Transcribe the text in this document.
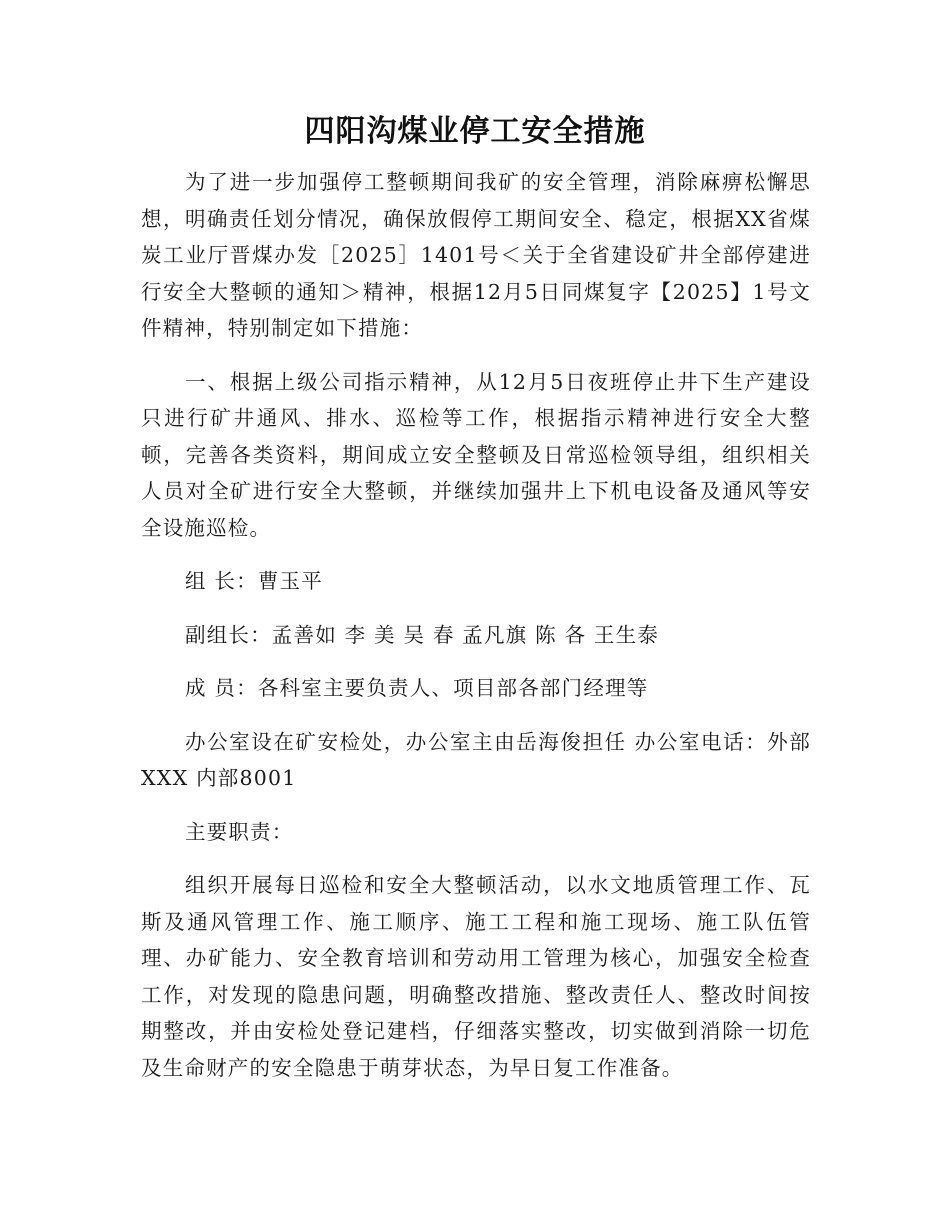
四阳沟煤业停工安全措施

为了进一步加强停工整顿期间我矿的安全管理，消除麻痹松懈思想，明确责任划分情况，确保放假停工期间安全、稳定，根据XX省煤炭工业厅晋煤办发［2025］1401号＜关于全省建设矿井全部停建进行安全大整顿的通知＞精神，根据12月5日同煤复字【2025】1号文件精神，特别制定如下措施：

一、根据上级公司指示精神，从12月5日夜班停止井下生产建设只进行矿井通风、排水、巡检等工作，根据指示精神进行安全大整顿，完善各类资料，期间成立安全整顿及日常巡检领导组，组织相关人员对全矿进行安全大整顿，并继续加强井上下机电设备及通风等安全设施巡检。

组 长：曹玉平

副组长：孟善如 李 美 吴 春 孟凡旗 陈 各 王生泰

成 员：各科室主要负责人、项目部各部门经理等

办公室设在矿安检处，办公室主由岳海俊担任 办公室电话：外部XXX 内部8001

主要职责：

组织开展每日巡检和安全大整顿活动，以水文地质管理工作、瓦斯及通风管理工作、施工顺序、施工工程和施工现场、施工队伍管理、办矿能力、安全教育培训和劳动用工管理为核心，加强安全检查工作，对发现的隐患问题，明确整改措施、整改责任人、整改时间按期整改，并由安检处登记建档，仔细落实整改，切实做到消除一切危及生命财产的安全隐患于萌芽状态，为早日复工作准备。
